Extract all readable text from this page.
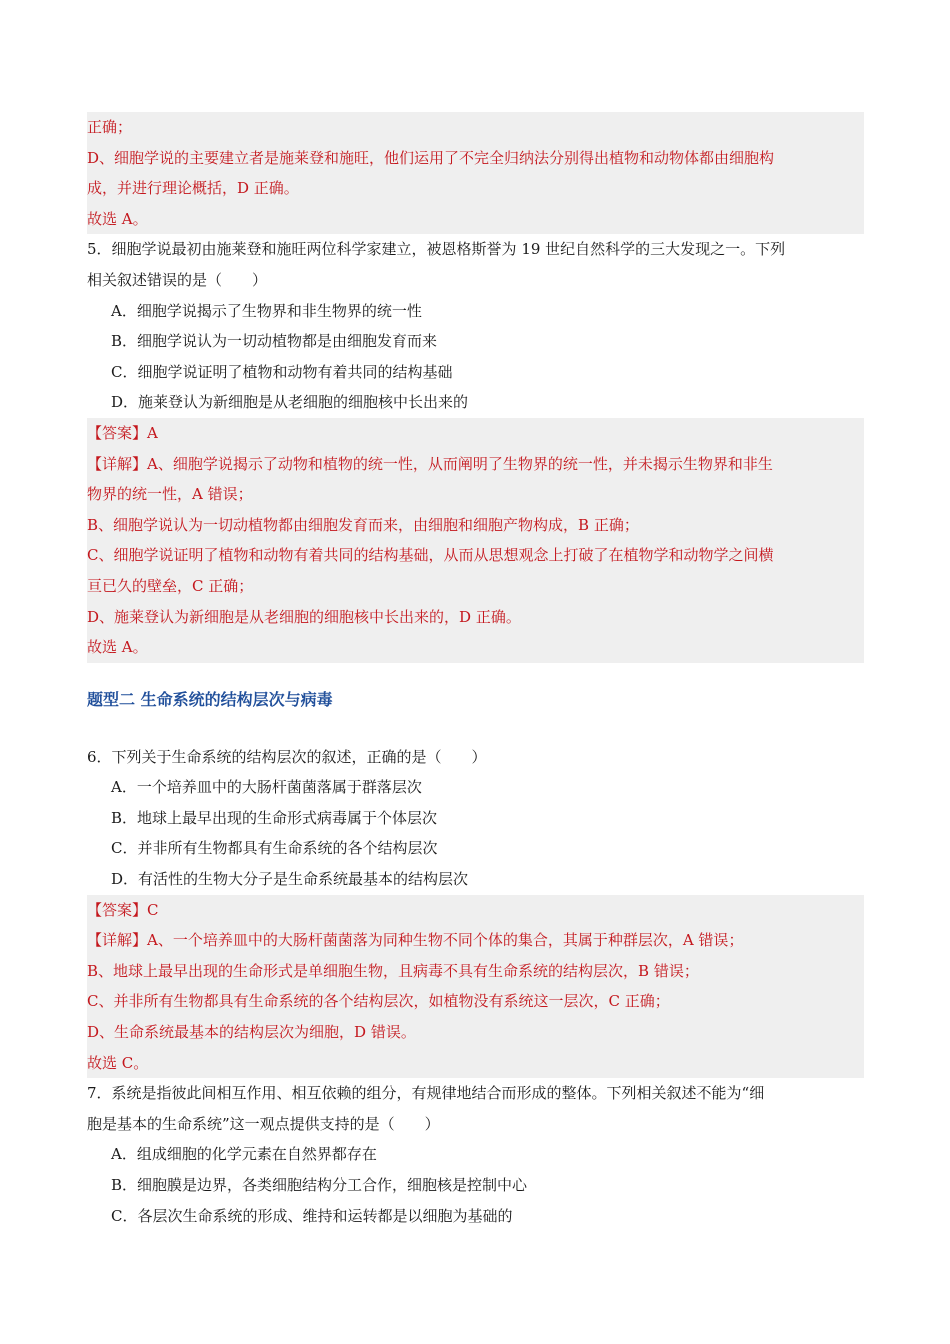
正确；
D、细胞学说的主要建立者是施莱登和施旺，他们运用了不完全归纳法分别得出植物和动物体都由细胞构
成，并进行理论概括，D 正确。
故选 A。
5．细胞学说最初由施莱登和施旺两位科学家建立，被恩格斯誉为 19 世纪自然科学的三大发现之一。下列
相关叙述错误的是（　　）
A．细胞学说揭示了生物界和非生物界的统一性
B．细胞学说认为一切动植物都是由细胞发育而来
C．细胞学说证明了植物和动物有着共同的结构基础
D．施莱登认为新细胞是从老细胞的细胞核中长出来的
【答案】A
【详解】A、细胞学说揭示了动物和植物的统一性，从而阐明了生物界的统一性，并未揭示生物界和非生
物界的统一性，A 错误；
B、细胞学说认为一切动植物都由细胞发育而来，由细胞和细胞产物构成，B 正确；
C、细胞学说证明了植物和动物有着共同的结构基础，从而从思想观念上打破了在植物学和动物学之间横
亘已久的壁垒，C 正确；
D、施莱登认为新细胞是从老细胞的细胞核中长出来的，D 正确。
故选 A。
题型二 生命系统的结构层次与病毒
6．下列关于生命系统的结构层次的叙述，正确的是（　　）
A．一个培养皿中的大肠杆菌菌落属于群落层次
B．地球上最早出现的生命形式病毒属于个体层次
C．并非所有生物都具有生命系统的各个结构层次
D．有活性的生物大分子是生命系统最基本的结构层次
【答案】C
【详解】A、一个培养皿中的大肠杆菌菌落为同种生物不同个体的集合，其属于种群层次，A 错误；
B、地球上最早出现的生命形式是单细胞生物，且病毒不具有生命系统的结构层次，B 错误；
C、并非所有生物都具有生命系统的各个结构层次，如植物没有系统这一层次，C 正确；
D、生命系统最基本的结构层次为细胞，D 错误。
故选 C。
7．系统是指彼此间相互作用、相互依赖的组分，有规律地结合而形成的整体。下列相关叙述不能为“细
胞是基本的生命系统”这一观点提供支持的是（　　）
A．组成细胞的化学元素在自然界都存在
B．细胞膜是边界，各类细胞结构分工合作，细胞核是控制中心
C．各层次生命系统的形成、维持和运转都是以细胞为基础的
